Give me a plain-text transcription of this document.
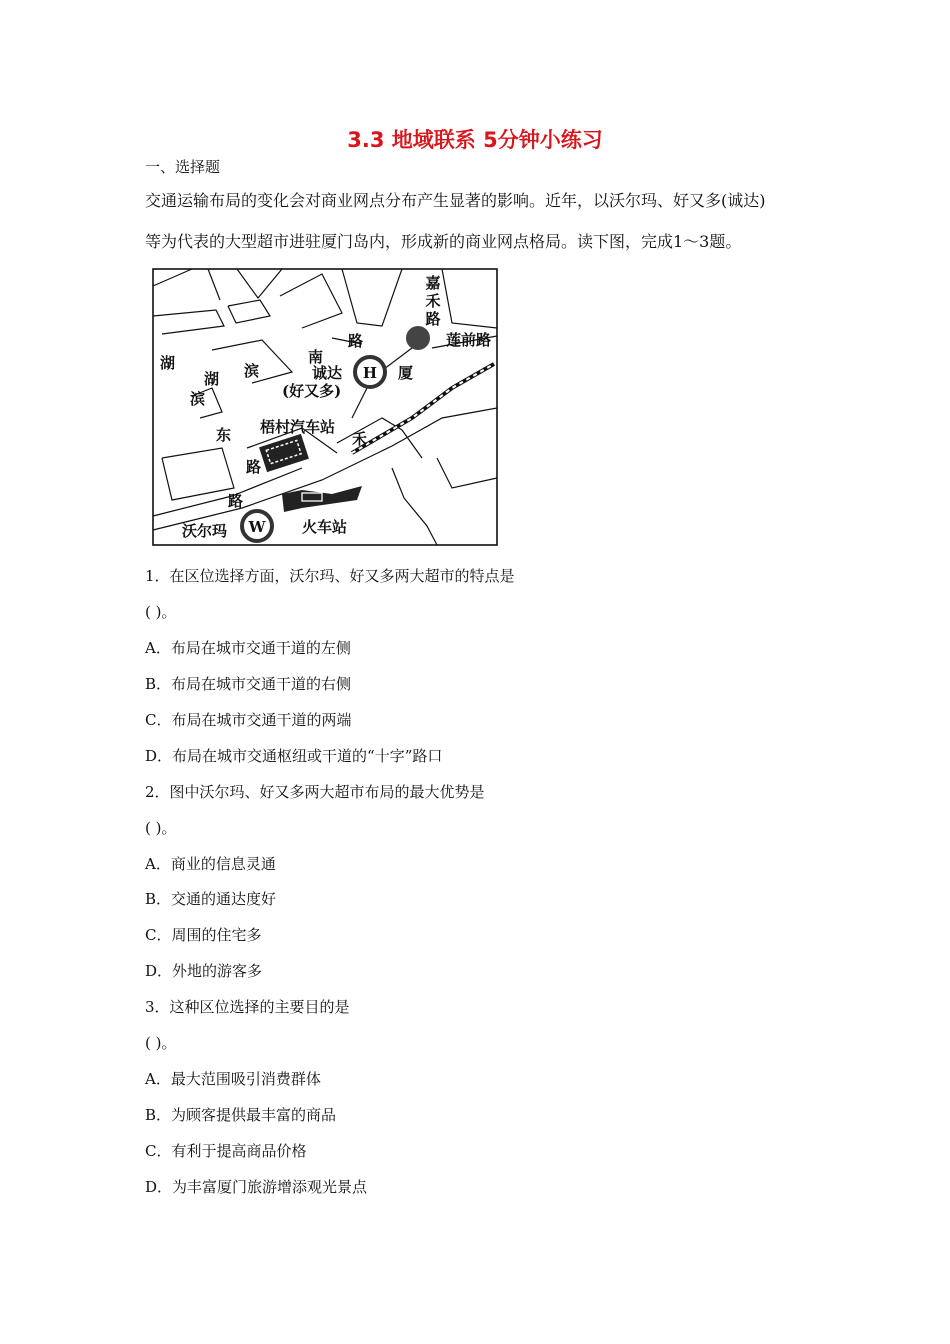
3.3 地域联系 5分钟小练习
一、选择题
交通运输布局的变化会对商业网点分布产生显著的影响。近年，以沃尔玛、好又多(诚达)
等为代表的大型超市进驻厦门岛内，形成新的商业网点格局。读下图，完成1～3题。
H
W
嘉
禾
路
莲前路
湖
湖 滨
滨
东
路
路
南
路
诚达
(好又多)
厦
禾
梧村汽车站
火车站
沃尔玛
1．在区位选择方面，沃尔玛、好又多两大超市的特点是
( )。
A．布局在城市交通干道的左侧
B．布局在城市交通干道的右侧
C．布局在城市交通干道的两端
D．布局在城市交通枢纽或干道的“十字”路口
2．图中沃尔玛、好又多两大超市布局的最大优势是
( )。
A．商业的信息灵通
B．交通的通达度好
C．周围的住宅多
D．外地的游客多
3．这种区位选择的主要目的是
( )。
A．最大范围吸引消费群体
B．为顾客提供最丰富的商品
C．有利于提高商品价格
D．为丰富厦门旅游增添观光景点
